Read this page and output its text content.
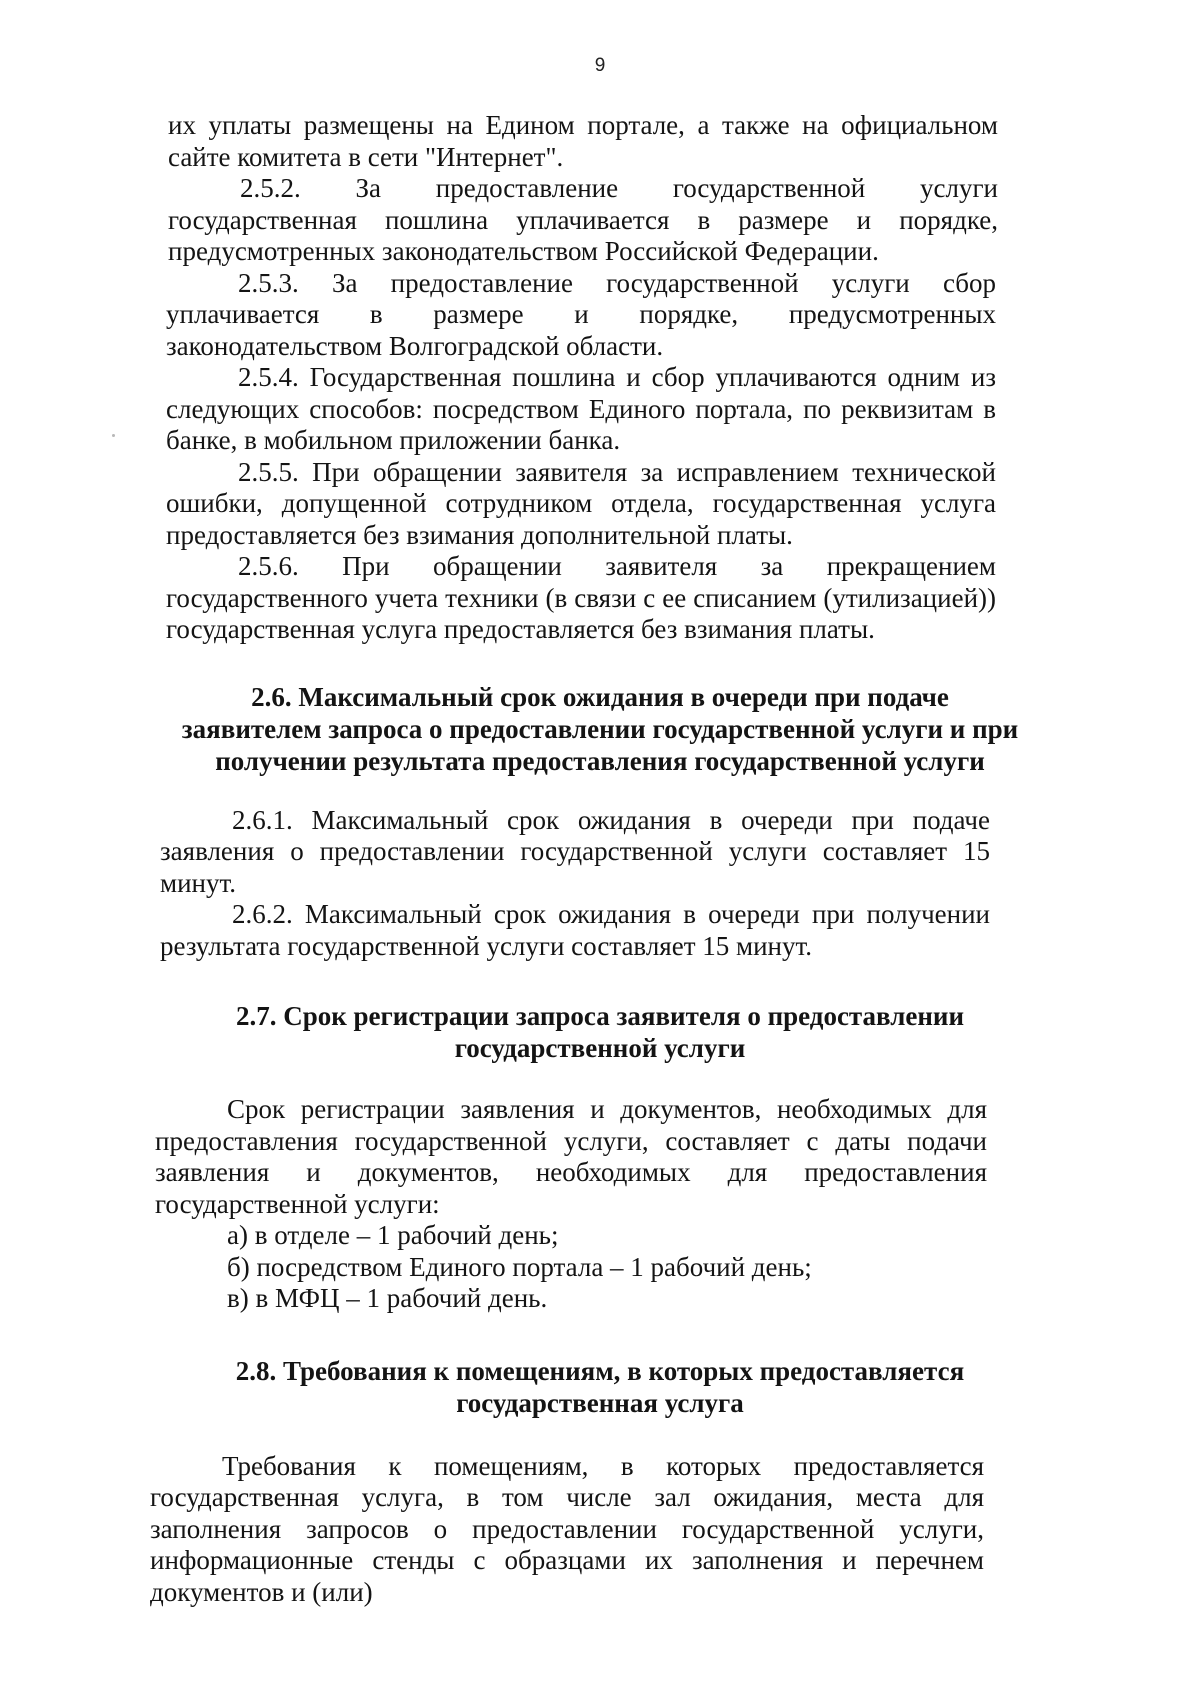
9

их уплаты размещены на Едином портале, а также на официальном сайте комитета в сети "Интернет".

2.5.2. За предоставление государственной услуги государственная пошлина уплачивается в размере и порядке, предусмотренных законодательством Российской Федерации.

2.5.3. За предоставление государственной услуги сбор уплачивается в размере и порядке, предусмотренных законодательством Волгоградской области.

2.5.4. Государственная пошлина и сбор уплачиваются одним из следующих способов: посредством Единого портала, по реквизитам в банке, в мобильном приложении банка.

2.5.5. При обращении заявителя за исправлением технической ошибки, допущенной сотрудником отдела, государственная услуга предоставляется без взимания дополнительной платы.

2.5.6. При обращении заявителя за прекращением государственного учета техники (в связи с ее списанием (утилизацией)) государственная услуга предоставляется без взимания платы.

2.6. Максимальный срок ожидания в очереди при подаче
заявителем запроса о предоставлении государственной услуги и при
получении результата предоставления государственной услуги

2.6.1. Максимальный срок ожидания в очереди при подаче заявления о предоставлении государственной услуги составляет 15 минут.

2.6.2. Максимальный срок ожидания в очереди при получении результата государственной услуги составляет 15 минут.

2.7. Срок регистрации запроса заявителя о предоставлении
государственной услуги

Срок регистрации заявления и документов, необходимых для предоставления государственной услуги, составляет с даты подачи заявления и документов, необходимых для предоставления государственной услуги:

а) в отделе – 1 рабочий день;

б) посредством Единого портала – 1 рабочий день;

в) в МФЦ – 1 рабочий день.

2.8. Требования к помещениям, в которых предоставляется
государственная услуга

Требования к помещениям, в которых предоставляется государственная услуга, в том числе зал ожидания, места для заполнения запросов о предоставлении государственной услуги, информационные стенды с образцами их заполнения и перечнем документов и (или)
